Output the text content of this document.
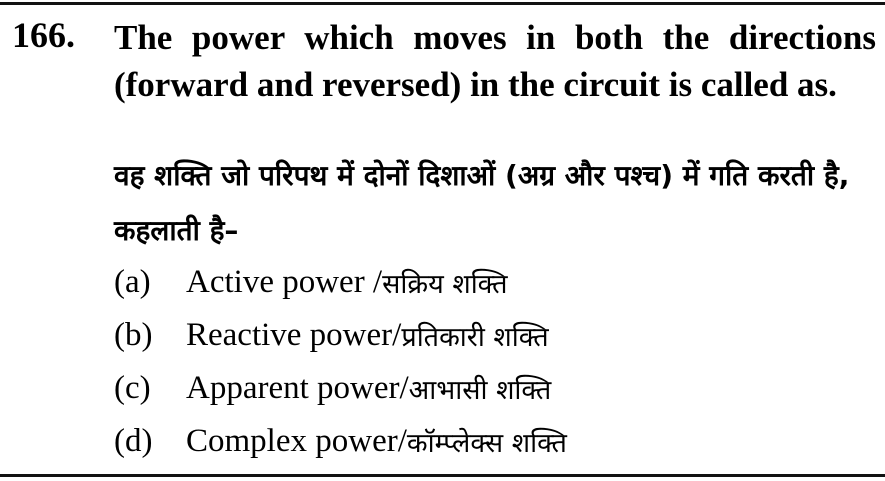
166. The power which moves in both the directions (forward and reversed) in the circuit is called as.
वह शक्ति जो परिपथ में दोनों दिशाओं (अग्र और पश्च) में गति करती है, कहलाती है–
(a)	Active power / सक्रिय शक्ति
(b)	Reactive power/ प्रतिकारी शक्ति
(c)	Apparent power/ आभासी शक्ति
(d)	Complex power/ कॉम्प्लेक्स शक्ति
